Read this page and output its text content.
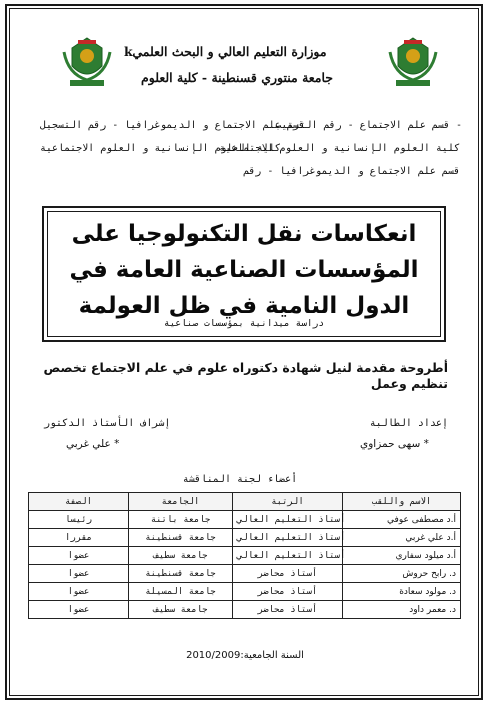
kموزارة التعليم العالي و البحث العلمي
جامعة منتوري قسنطينة - كلية العلوم
قسم علم الاجتماع و الديموغرافيا - رقم التسجيل
كلية العلوم الإنسانية و العلوم الاجتماعية
- قسم علم الاجتماع - رقم الترتيب
كلية العلوم الإنسانية و العلوم الاجتماعية
قسم علم الاجتماع و الديموغرافيا - رقم
انعكاسات نقل التكنولوجيا على المؤسسات الصناعية العامة في الدول النامية في ظل العولمة
دراسة ميدانية بمؤسسات صناعية
أطروحة مقدمة لنيل شهادة دكتوراه علوم في علم الاجتماع تخصص تنظيم وعمل
إشراف الأستاذ الدكتور	إعداد الطالبة
* علي غربي	* سهى حمزاوي
أعضاء لجنة المناقشة
الصفة	الجامعة	الرتبة	الاسم واللقب
رئيسا	جامعة باتنة	أستاذ التعليم العالي	أ.د مصطفى عوفي
مقررا	جامعة قسنطينة	أستاذ التعليم العالي	أ.د علي غربي
عضوا	جامعة سطيف	أستاذ التعليم العالي	أ.د ميلود سفاري
عضوا	جامعة قسنطينة	أستاذ محاضر	د. رابح حروش
عضوا	جامعة المسيلة	أستاذ محاضر	د. مولود سعادة
عضوا	جامعة سطيف	أستاذ محاضر	د. معمر داود
السنة الجامعية:2010/2009
